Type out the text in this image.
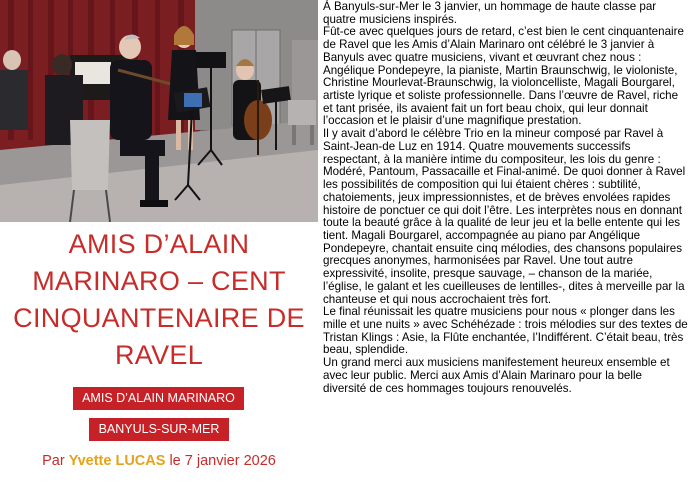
AMIS D’ALAIN
MARINARO – CENT
CINQUANTENAIRE DE
RAVEL
AMIS D’ALAIN MARINARO
BANYULS-SUR-MER
Par Yvette LUCAS le 7 janvier 2026

À Banyuls-sur-Mer le 3 janvier, un hommage de haute classe par quatre musiciens inspirés.

Fût-ce avec quelques jours de retard, c’est bien le cent cinquantenaire de Ravel que les Amis d’Alain Marinaro ont célébré le 3 janvier à Banyuls avec quatre musiciens, vivant et œuvrant chez nous : Angélique Pondepeyre, la pianiste, Martin Braunschwig, le violoniste, Christine Mourlevat-Braunschwig, la violoncelliste, Magali Bourgarel, artiste lyrique et soliste professionnelle. Dans l’œuvre de Ravel, riche et tant prisée, ils avaient fait un fort beau choix, qui leur donnait l’occasion et le plaisir d’une magnifique prestation.

Il y avait d’abord le célèbre Trio en la mineur composé par Ravel à Saint-Jean-de Luz en 1914. Quatre mouvements successifs respectant, à la manière intime du compositeur, les lois du genre : Modéré, Pantoum, Passacaille et Final-animé. De quoi donner à Ravel les possibilités de composition qui lui étaient chères : subtilité, chatoiements, jeux impressionnistes, et de brèves envolées rapides histoire de ponctuer ce qui doit l’être. Les interprètes nous en donnant toute la beauté grâce à la qualité de leur jeu et la belle entente qui les tient. Magali Bourgarel, accompagnée au piano par Angélique Pondepeyre, chantait ensuite cinq mélodies, des chansons populaires grecques anonymes, harmonisées par Ravel. Une tout autre expressivité, insolite, presque sauvage, – chanson de la mariée, l’église, le galant et les cueilleuses de lentilles-, dites à merveille par la chanteuse et qui nous accrochaient très fort.

Le final réunissait les quatre musiciens pour nous « plonger dans les mille et une nuits » avec Schéhézade : trois mélodies sur des textes de Tristan Klings : Asie, la Flûte enchantée, l’Indifférent. C’était beau, très beau, splendide.

Un grand merci aux musiciens manifestement heureux ensemble et avec leur public. Merci aux Amis d’Alain Marinaro pour la belle diversité de ces hommages toujours renouvelés.
